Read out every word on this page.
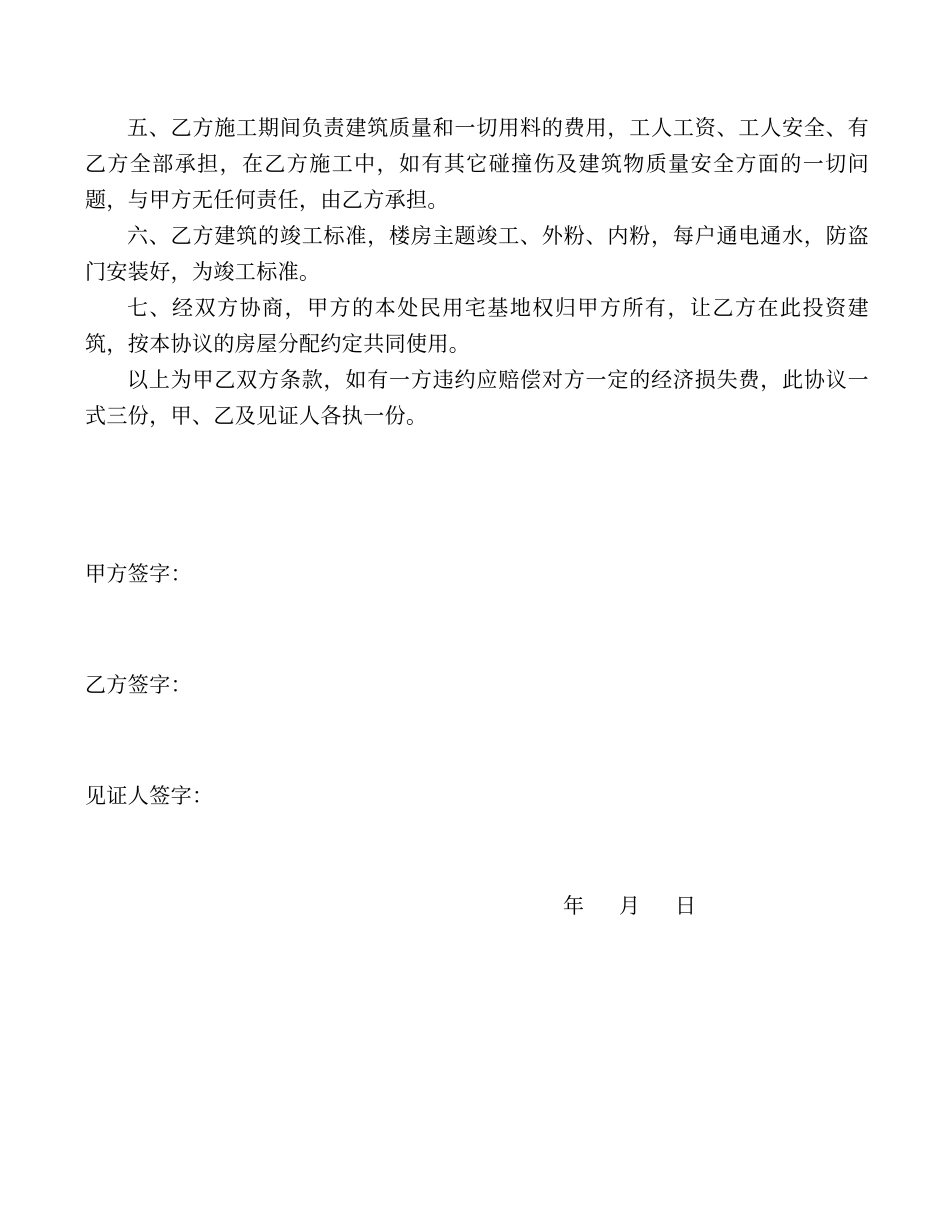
五、乙方施工期间负责建筑质量和一切用料的费用，工人工资、工人安全、有乙方全部承担，在乙方施工中，如有其它碰撞伤及建筑物质量安全方面的一切问题，与甲方无任何责任，由乙方承担。

六、乙方建筑的竣工标准，楼房主题竣工、外粉、内粉，每户通电通水，防盗门安装好，为竣工标准。

七、经双方协商，甲方的本处民用宅基地权归甲方所有，让乙方在此投资建筑，按本协议的房屋分配约定共同使用。

以上为甲乙双方条款，如有一方违约应赔偿对方一定的经济损失费，此协议一式三份，甲、乙及见证人各执一份。

甲方签字：

乙方签字：

见证人签字：

年 月 日
